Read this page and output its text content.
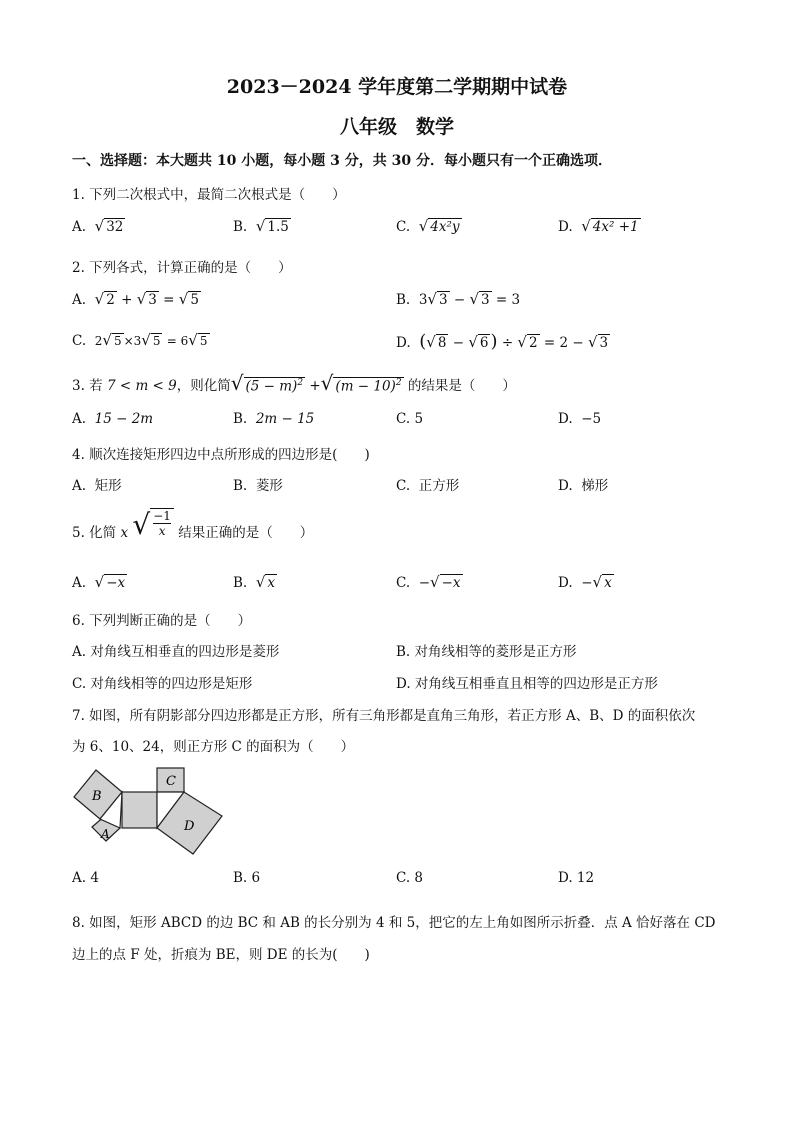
2023－2024 学年度第二学期期中试卷
八年级　数学
一、选择题：本大题共 10 小题，每小题 3 分，共 30 分．每小题只有一个正确选项．
1. 下列二次根式中，最简二次根式是（　　）
A. √ 32	B. √ 1.5	C. √ 4x²y	D. √ 4x² +1
2. 下列各式，计算正确的是（　　）
A. √ 2 + √ 3 = √ 5	B. 3√ 3 − √ 3 = 3
C. 2√ 5 ×3√ 5 = 6√ 5	D. (√ 8 − √ 6 ) ÷ √ 2 = 2 − √ 3
3. 若 7 < m < 9，则化简√ $(5 - m)^2$ +√ $(m - 10)^2$ 的结果是（　　）
A. 15 − 2m	B. 2m − 15	C. 5	D. −5
4. 顺次连接矩形四边中点所形成的四边形是(　　)
A. 矩形	B. 菱形	C. 正方形	D. 梯形
5. 化简 x √ $\frac{-1}{x}$ 结果正确的是（　　）
A. √ −x	B. √ x	C. −√ −x	D. −√ x
6. 下列判断正确的是（　　）
A. 对角线互相垂直的四边形是菱形	B. 对角线相等的菱形是正方形
C. 对角线相等的四边形是矩形	D. 对角线互相垂直且相等的四边形是正方形
7. 如图，所有阴影部分四边形都是正方形，所有三角形都是直角三角形，若正方形 A、B、D 的面积依次
为 6、10、24，则正方形 C 的面积为（　　）
B
A
C
D
A. 4	B. 6	C. 8	D. 12
8. 如图，矩形 ABCD 的边 BC 和 AB 的长分别为 4 和 5，把它的左上角如图所示折叠．点 A 恰好落在 CD
边上的点 F 处，折痕为 BE，则 DE 的长为(　　)
